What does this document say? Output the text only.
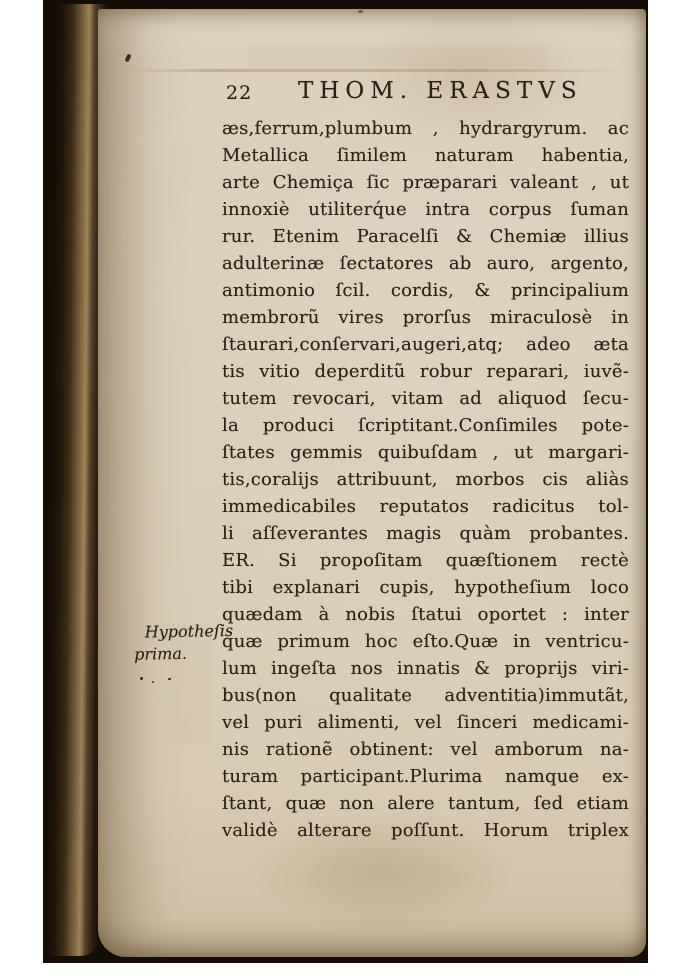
22 THOM. ERASTVS
æs,ferrum,plumbum , hydrargyrum. ac
Metallica ſimilem naturam habentia,
arte Chemiça ſic præparari valeant , ut
innoxiè utiliterq́ue intra corpus ſuman
rur. Etenim Paracelſi & Chemiæ illius
adulterinæ ſectatores ab auro, argento,
antimonio ſcil. cordis, & principalium
membrorũ vires prorſus miraculosè in
ſtaurari,conſervari,augeri,atq; adeo æta
tis vitio deperditũ robur reparari, iuvẽ-
tutem revocari, vitam ad aliquod ſecu-
la produci ſcriptitant.Conſimiles pote-
ſtates gemmis quibuſdam , ut margari-
tis,coralijs attribuunt, morbos cis aliàs
immedicabiles reputatos radicitus tol-
li aſſeverantes magis quàm probantes.
ER. Si propoſitam quæſtionem rectè
tibi explanari cupis, hypotheſium loco
quædam à nobis ſtatui oportet : inter
quæ primum hoc eſto.Quæ in ventricu-
lum ingeſta nos innatis & proprijs viri-
bus(non qualitate adventitia)immutãt,
vel puri alimenti, vel ſinceri medicami-
nis rationẽ obtinent: vel amborum na-
turam participant.Plurima namque ex-
ſtant, quæ non alere tantum, ſed etiam
validè alterare poſſunt. Horum triplex
Hypotheſis
prima.
